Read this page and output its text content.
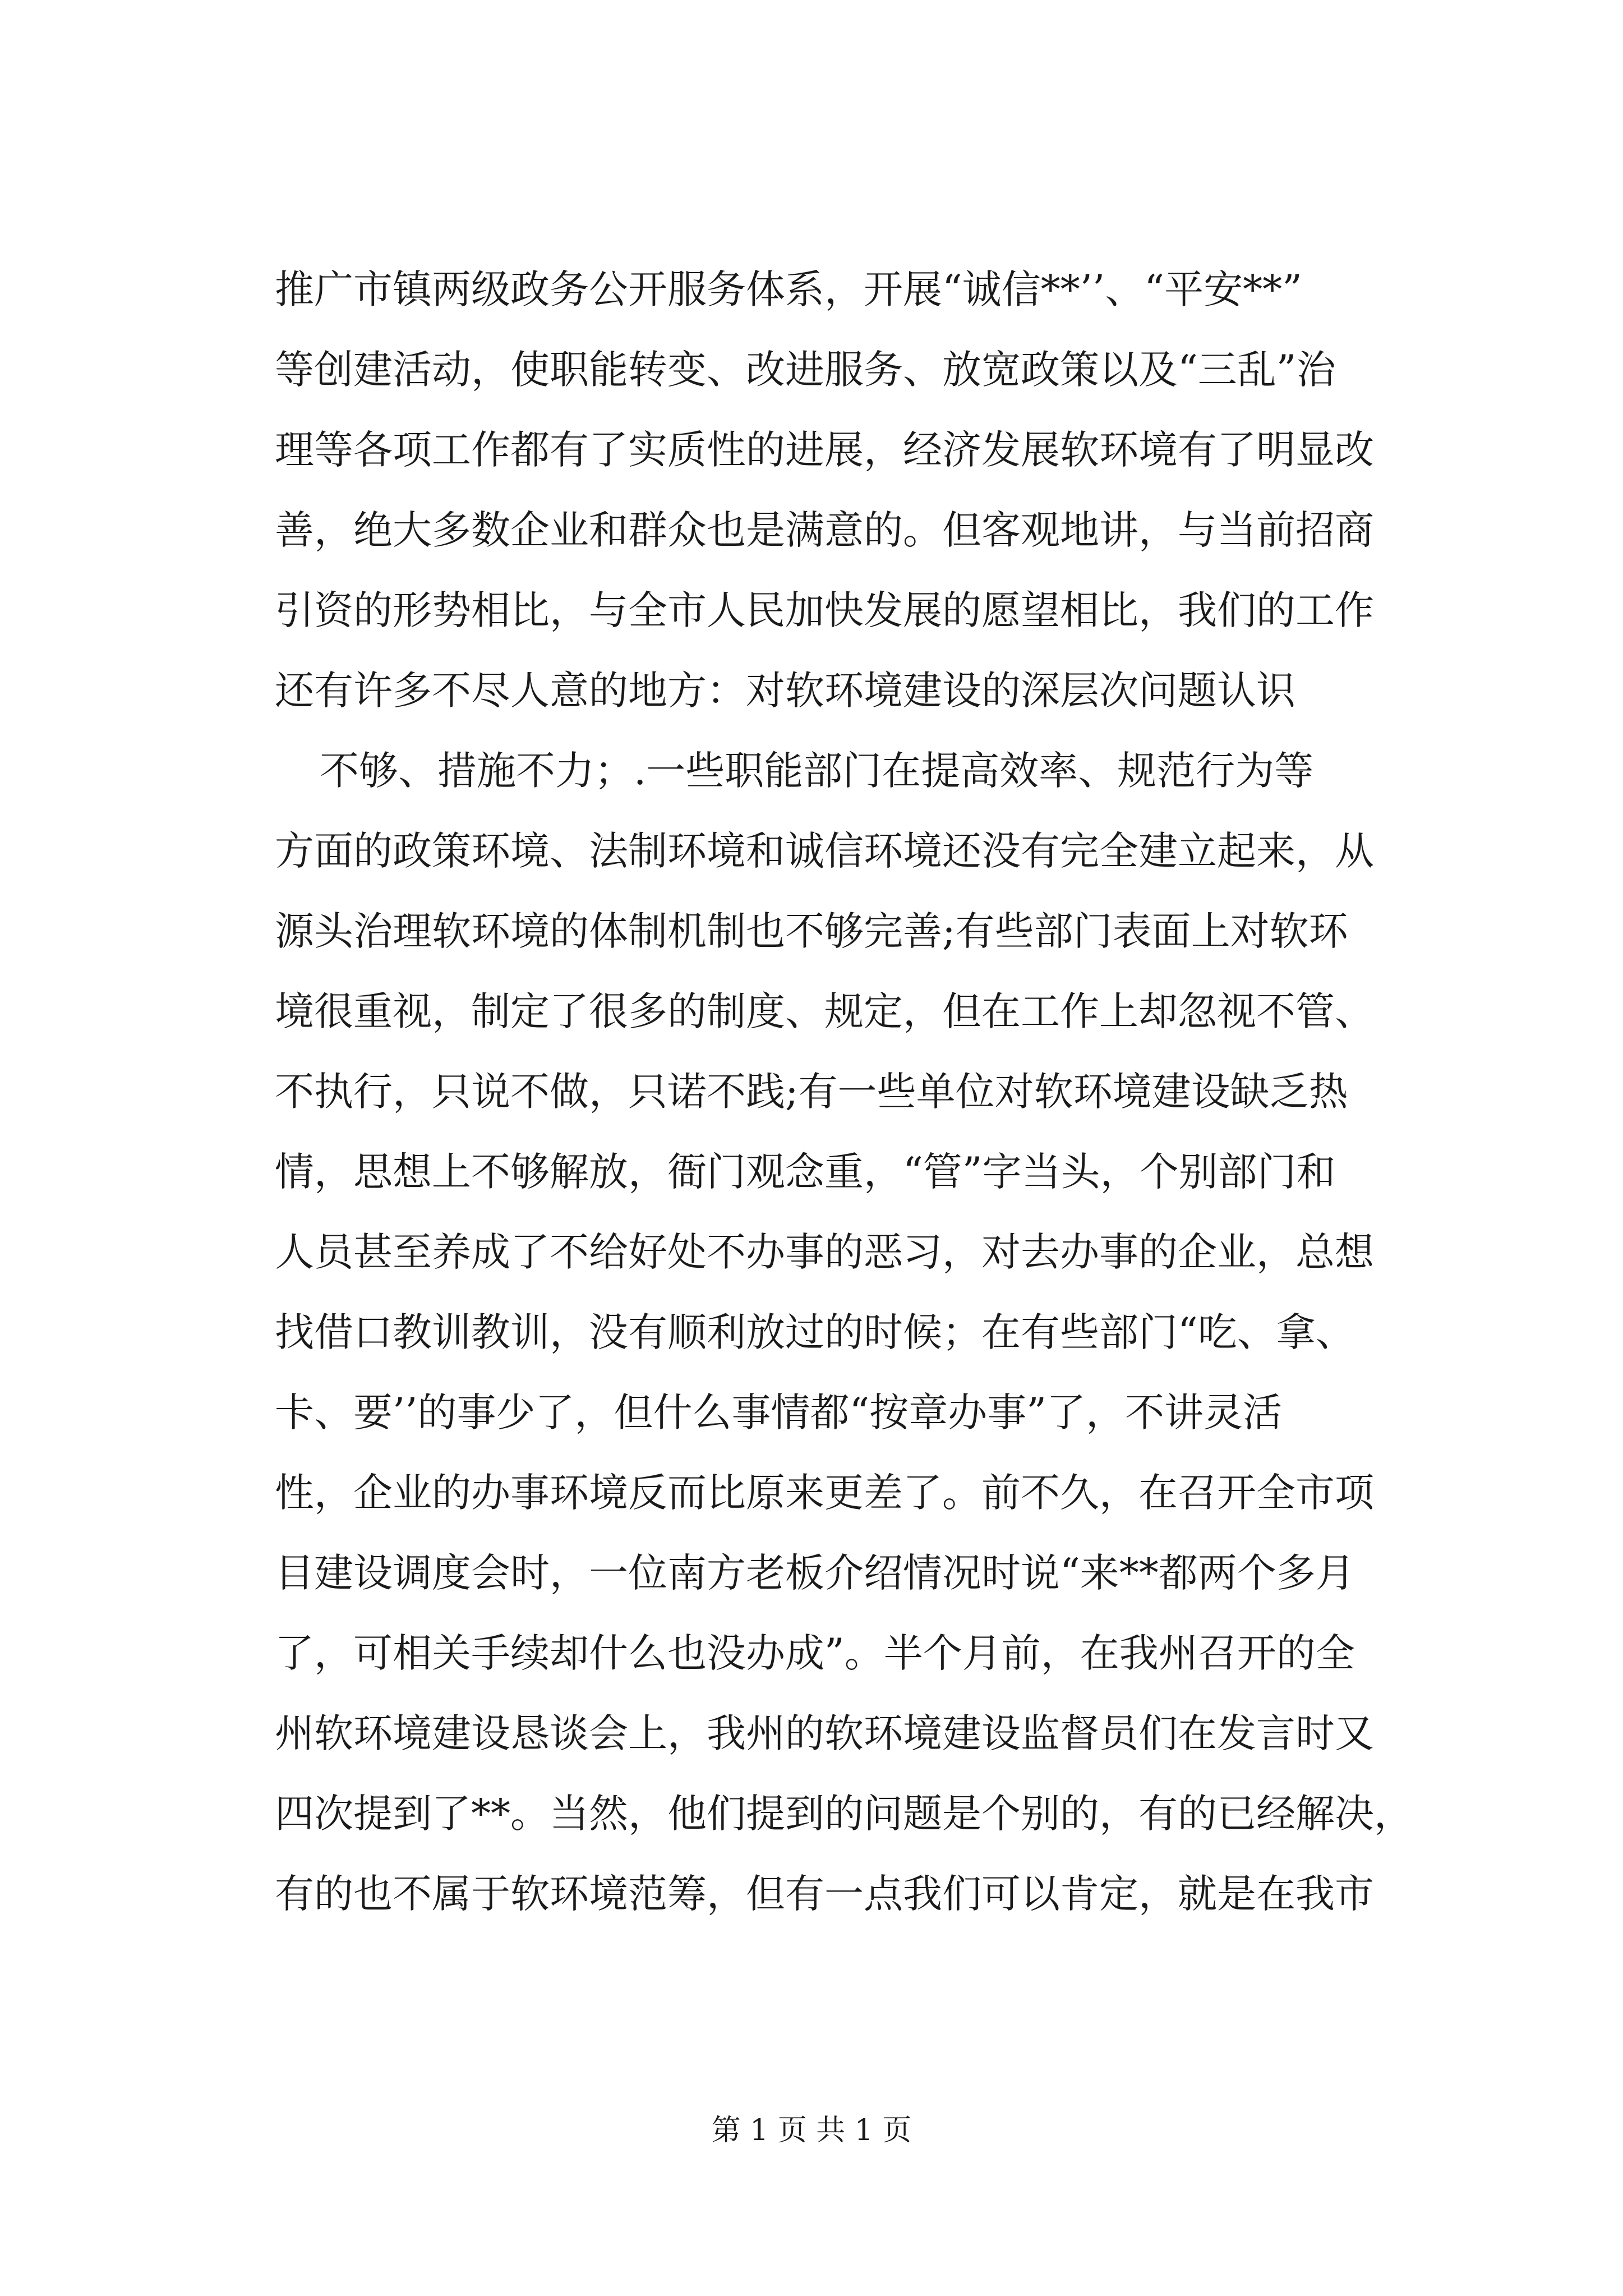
推广市镇两级政务公开服务体系，开展“诚信**’’、“平安**”
等创建活动，使职能转变、改进服务、放宽政策以及“三乱”治
理等各项工作都有了实质性的进展，经济发展软环境有了明显改
善，绝大多数企业和群众也是满意的。但客观地讲，与当前招商
引资的形势相比，与全市人民加快发展的愿望相比，我们的工作
还有许多不尽人意的地方：对软环境建设的深层次问题认识
不够、措施不力；.一些职能部门在提高效率、规范行为等
方面的政策环境、法制环境和诚信环境还没有完全建立起来，从
源头治理软环境的体制机制也不够完善;有些部门表面上对软环
境很重视，制定了很多的制度、规定，但在工作上却忽视不管、
不执行，只说不做，只诺不践;有一些单位对软环境建设缺乏热
情，思想上不够解放，衙门观念重，“管”字当头，个别部门和
人员甚至养成了不给好处不办事的恶习，对去办事的企业，总想
找借口教训教训，没有顺利放过的时候；在有些部门“吃、拿、
卡、要’’的事少了，但什么事情都“按章办事”了，不讲灵活
性，企业的办事环境反而比原来更差了。前不久，在召开全市项
目建设调度会时，一位南方老板介绍情况时说“来**都两个多月
了，可相关手续却什么也没办成”。半个月前，在我州召开的全
州软环境建设恳谈会上，我州的软环境建设监督员们在发言时又
四次提到了**。当然，他们提到的问题是个别的，有的已经解决，
有的也不属于软环境范筹，但有一点我们可以肯定，就是在我市
第 1 页 共 1 页
